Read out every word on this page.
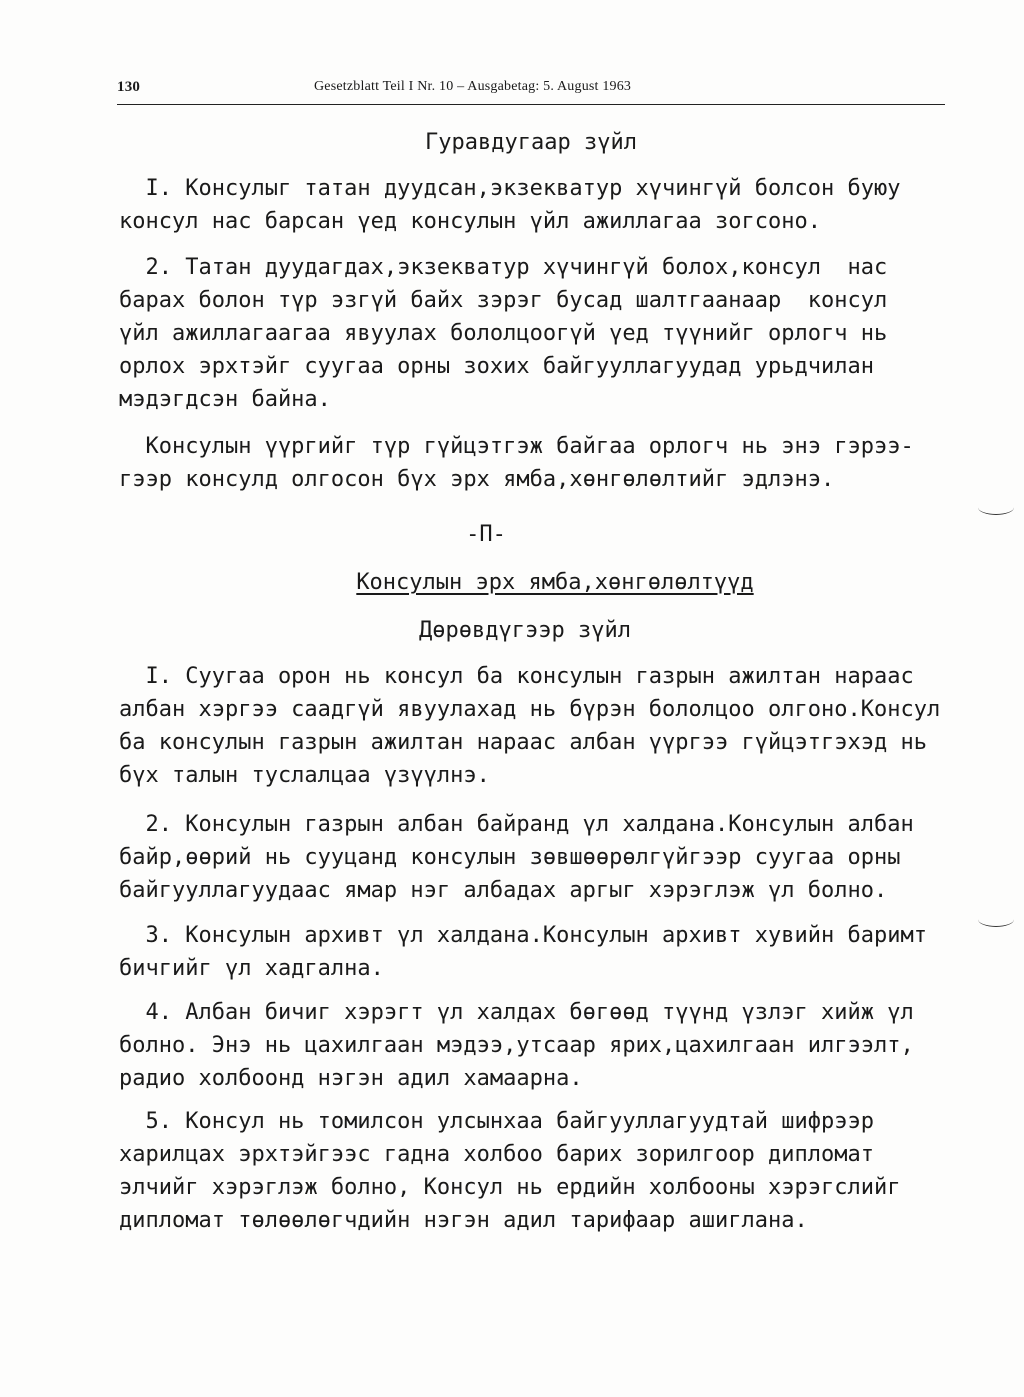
130	Gesetzblatt Teil I Nr. 10 – Ausgabetag: 5. August 1963
Гуравдугаар зүйл
I. Консулыг татан дуудсан,экзекватур хүчингүй болсон буюу
консул нас барсан үед консулын үйл ажиллагаа зогсоно.
2. Татан дуудагдах,экзекватур хүчингүй болох,консул  нас
барах болон түр эзгүй байх зэрэг бусад шалтгаанаар  консул
үйл ажиллагаагаа явуулах бололцоогүй үед түүнийг орлогч нь
орлох эрхтэйг суугаа орны зохих байгууллагуудад урьдчилан
мэдэгдсэн байна.
Консулын үүргийг түр гүйцэтгэж байгаа орлогч нь энэ гэрээ-
гээр консулд олгосон бүх эрх ямба,хөнгөлөлтийг эдлэнэ.
-П-
Консулын эрх ямба,хөнгөлөлтүүд
Дөрөвдүгээр зүйл
I. Суугаа орон нь консул ба консулын газрын ажилтан нараас
албан хэргээ саадгүй явуулахад нь бүрэн бололцоо олгоно.Консул
ба консулын газрын ажилтан нараас албан үүргээ гүйцэтгэхэд нь
бүх талын туслалцаа үзүүлнэ.
2. Консулын газрын албан байранд үл халдана.Консулын албан
байр,өөрий нь сууцанд консулын зөвшөөрөлгүйгээр суугаа орны
байгууллагуудаас ямар нэг албадах аргыг хэрэглэж үл болно.
3. Консулын архивт үл халдана.Консулын архивт хувийн баримт
бичгийг үл хадгална.
4. Албан бичиг хэрэгт үл халдах бөгөөд түүнд үзлэг хийж үл
болно. Энэ нь цахилгаан мэдээ,утсаар ярих,цахилгаан илгээлт,
радио холбоонд нэгэн адил хамаарна.
5. Консул нь томилсон улсынхаа байгууллагуудтай шифрээр
харилцах эрхтэйгээс гадна холбоо барих зорилгоор дипломат
элчийг хэрэглэж болно, Консул нь ердийн холбооны хэрэгслийг
дипломат төлөөлөгчдийн нэгэн адил тарифаар ашиглана.
